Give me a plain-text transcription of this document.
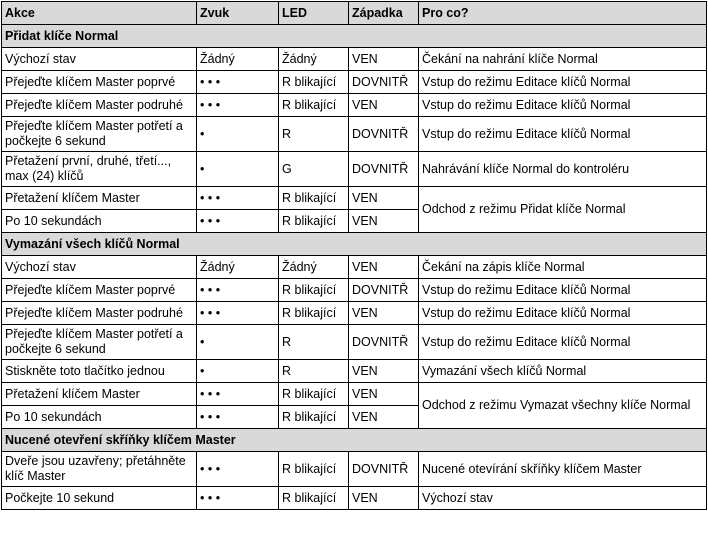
Akce	Zvuk	LED	Západka	Pro co?
Přidat klíče Normal				
Výchozí stav	Žádný	Žádný	VEN	Čekání na nahrání klíče Normal
Přejeďte klíčem Master poprvé	• • •	R blikající	DOVNITŘ	Vstup do režimu Editace klíčů Normal
Přejeďte klíčem Master podruhé	• • •	R blikající	VEN	Vstup do režimu Editace klíčů Normal
Přejeďte klíčem Master potřetí a počkejte 6 sekund	•	R	DOVNITŘ	Vstup do režimu Editace klíčů Normal
Přetažení první, druhé, třetí..., max (24) klíčů	•	G	DOVNITŘ	Nahrávání klíče Normal do kontroléru
Přetažení klíčem Master	• • •	R blikající	VEN	Odchod z režimu Přidat klíče Normal
Po 10 sekundách	• • •	R blikající	VEN	
Vymazání všech klíčů Normal				
Výchozí stav	Žádný	Žádný	VEN	Čekání na zápis klíče Normal
Přejeďte klíčem Master poprvé	• • •	R blikající	DOVNITŘ	Vstup do režimu Editace klíčů Normal
Přejeďte klíčem Master podruhé	• • •	R blikající	VEN	Vstup do režimu Editace klíčů Normal
Přejeďte klíčem Master potřetí a počkejte 6 sekund	•	R	DOVNITŘ	Vstup do režimu Editace klíčů Normal
Stiskněte toto tlačítko jednou	•	R	VEN	Vymazání všech klíčů Normal
Přetažení klíčem Master	• • •	R blikající	VEN	Odchod z režimu Vymazat všechny klíče Normal
Po 10 sekundách	• • •	R blikající	VEN	
Nucené otevření skříňky klíčem Master				
Dveře jsou uzavřeny; přetáhněte klíč Master	• • •	R blikající	DOVNITŘ	Nucené otevírání skříňky klíčem Master
Počkejte 10 sekund	• • •	R blikající	VEN	Výchozí stav
